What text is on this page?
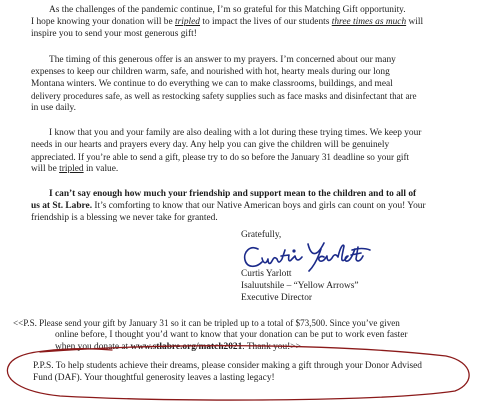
As the challenges of the pandemic continue, I’m so grateful for this Matching Gift opportunity.
I hope knowing your donation will be tripled to impact the lives of our students three times as much will
inspire you to send your most generous gift!
The timing of this generous offer is an answer to my prayers. I’m concerned about our many
expenses to keep our children warm, safe, and nourished with hot, hearty meals during our long
Montana winters. We continue to do everything we can to make classrooms, buildings, and meal
delivery procedures safe, as well as restocking safety supplies such as face masks and disinfectant that are
in use daily.
I know that you and your family are also dealing with a lot during these trying times. We keep your
needs in our hearts and prayers every day. Any help you can give the children will be genuinely
appreciated. If you’re able to send a gift, please try to do so before the January 31 deadline so your gift
will be tripled in value.
I can’t say enough how much your friendship and support mean to the children and to all of
us at St. Labre. It’s comforting to know that our Native American boys and girls can count on you! Your
friendship is a blessing we never take for granted.
Gratefully,
Curtis Yarlott
Isaluutshile – “Yellow Arrows”
Executive Director
<<P.S. Please send your gift by January 31 so it can be tripled up to a total of $73,500. Since you’ve given
online before, I thought you’d want to know that your donation can be put to work even faster
when you donate at www.stlabre.org/match2021. Thank you!>>
P.P.S. To help students achieve their dreams, please consider making a gift through your Donor Advised
Fund (DAF). Your thoughtful generosity leaves a lasting legacy!
